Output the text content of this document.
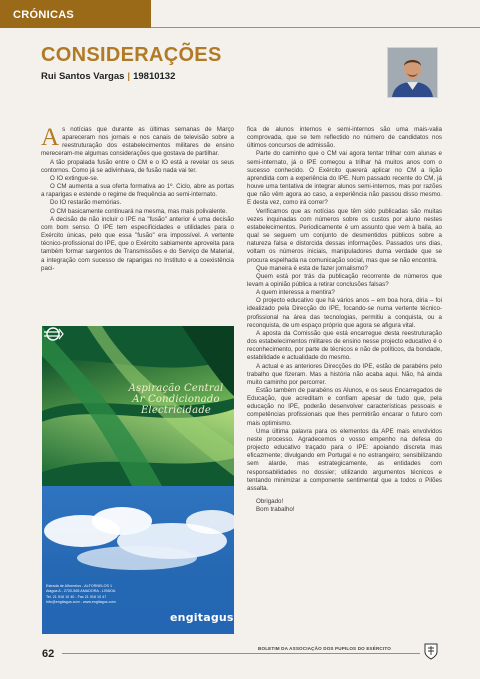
CRÓNICAS
CONSIDERAÇÕES
Rui Santos Vargas | 19810132

As notícias que durante as últimas semanas de Março apareceram nos jornais e nos canais de televisão sobre a reestruturação dos estabelecimentos militares de ensino mereceram-me algumas considerações que gostava de partilhar.

A tão propalada fusão entre o CM e o IO está a revelar os seus contornos. Como já se adivinhava, de fusão nada vai ter.

O IO extingue-se.

O CM aumenta a sua oferta formativa ao 1º. Ciclo, abre as portas a raparigas e estende o regime de frequência ao semi-internato.

Do IO restarão memórias.

O CM basicamente continuará na mesma, mas mais polivalente.

A decisão de não incluir o IPE na "fusão" anterior é uma decisão com bom senso. O IPE tem especificidades e utilidades para o Exército únicas, pelo que essa "fusão" era impossível. A vertente técnico-profissional do IPE, que o Exército sabiamente aproveita para também formar sargentos de Transmissões e do Serviço de Material, a integração com sucesso de raparigas no Instituto e a coexistência paci-

fica de alunos internos e semi-internos são uma mais-valia comprovada, que se tem reflectido no número de candidatos nos últimos concursos de admissão.

Parte do caminho que o CM vai agora tentar trilhar com alunas e semi-internato, já o IPE começou a trilhar há muitos anos com o sucesso conhecido. O Exército quererá aplicar no CM a lição aprendida com a experiência do IPE. Num passado recente do CM, já houve uma tentativa de integrar alunos semi-internos, mas por razões que não vêm agora ao caso, a experiência não passou disso mesmo. E desta vez, como irá correr?

Verificamos que as notícias que têm sido publicadas são muitas vezes inquinadas com números sobre os custos por aluno nestes estabelecimentos. Periodicamente é um assunto que vem à baila, ao qual se seguem um conjunto de desmentidos públicos sobre a natureza falsa e distorcida dessas informações. Passados uns dias, voltam os números iniciais, manipuladores duma verdade que se procura espelhada na comunicação social, mas que se não encontra.

Que maneira é esta de fazer jornalismo?

Quem está por trás da publicação recorrente de números que levam a opinião pública a retirar conclusões falsas?

A quem interessa a mentira?

O projecto educativo que há vários anos – em boa hora, diria – foi idealizado pela Direcção do IPE, focando-se numa vertente técnico-profissional na área das tecnologias, permitiu a conquista, ou a reconquista, de um espaço próprio que agora se afigura vital.

A aposta da Comissão que está encarregue desta reestruturação dos estabelecimentos militares de ensino nesse projecto educativo é o reconhecimento, por parte de técnicos e não de políticos, da bondade, estabilidade e actualidade do mesmo.

A actual e as anteriores Direcções do IPE, estão de parabéns pelo trabalho que fizeram. Mas a história não acaba aqui. Não, há ainda muito caminho por percorrer.

Estão também de parabéns os Alunos, e os seus Encarregados de Educação, que acreditam e confiam apesar de tudo que, pela educação no IPE, poderão desenvolver características pessoais e competências profissionais que lhes permitirão encarar o futuro com mais optimismo.

Uma última palavra para os elementos da APE mais envolvidos neste processo. Agradecemos o vosso empenho na defesa do projecto educativo traçado para o IPE: apoiando discreta mas eficazmente; divulgando em Portugal e no estrangeiro; sensibilizando sem alarde, mas estrategicamente, as entidades com responsabilidades no dossier; utilizando argumentos técnicos e tentando minimizar a componente sentimental que a todos o Pilões assalta.

Obrigado!

Bom trabalho!

Aspiração Central
Ar Condicionado
Electricidade
Estrada de Alfornelos - ALFORNELOS 1
Alagoa A - 2700-565 AMADORA - LISBOA
Tel. 21 916 10 40 - Fax 21 916 10 47
info@engitagus.com - www.engitagus.com
engitagus
62	BOLETIM DA ASSOCIAÇÃO DOS PUPILOS DO EXÉRCITO
